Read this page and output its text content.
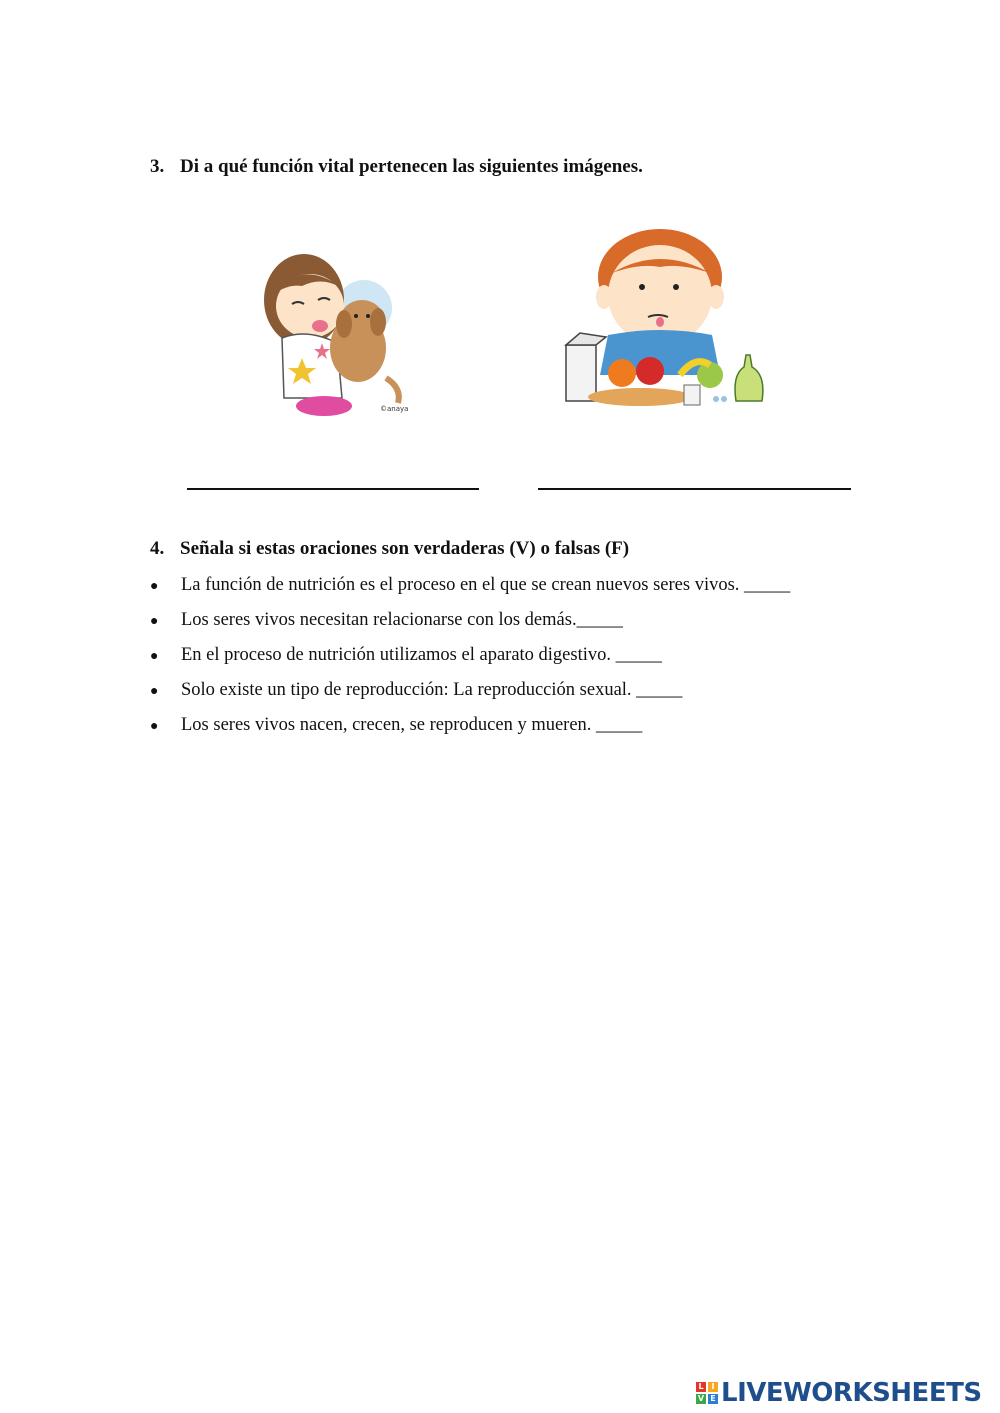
3. Di a qué función vital pertenecen las siguientes imágenes.
©anaya
4. Señala si estas oraciones son verdaderas (V) o falsas (F)
● La función de nutrición es el proceso en el que se crean nuevos seres vivos. _____
● Los seres vivos necesitan relacionarse con los demás._____
● En el proceso de nutrición utilizamos el aparato digestivo. _____
● Solo existe un tipo de reproducción: La reproducción sexual. _____
● Los seres vivos nacen, crecen, se reproducen y mueren. _____
L I
V E LIVEWORKSHEETS
